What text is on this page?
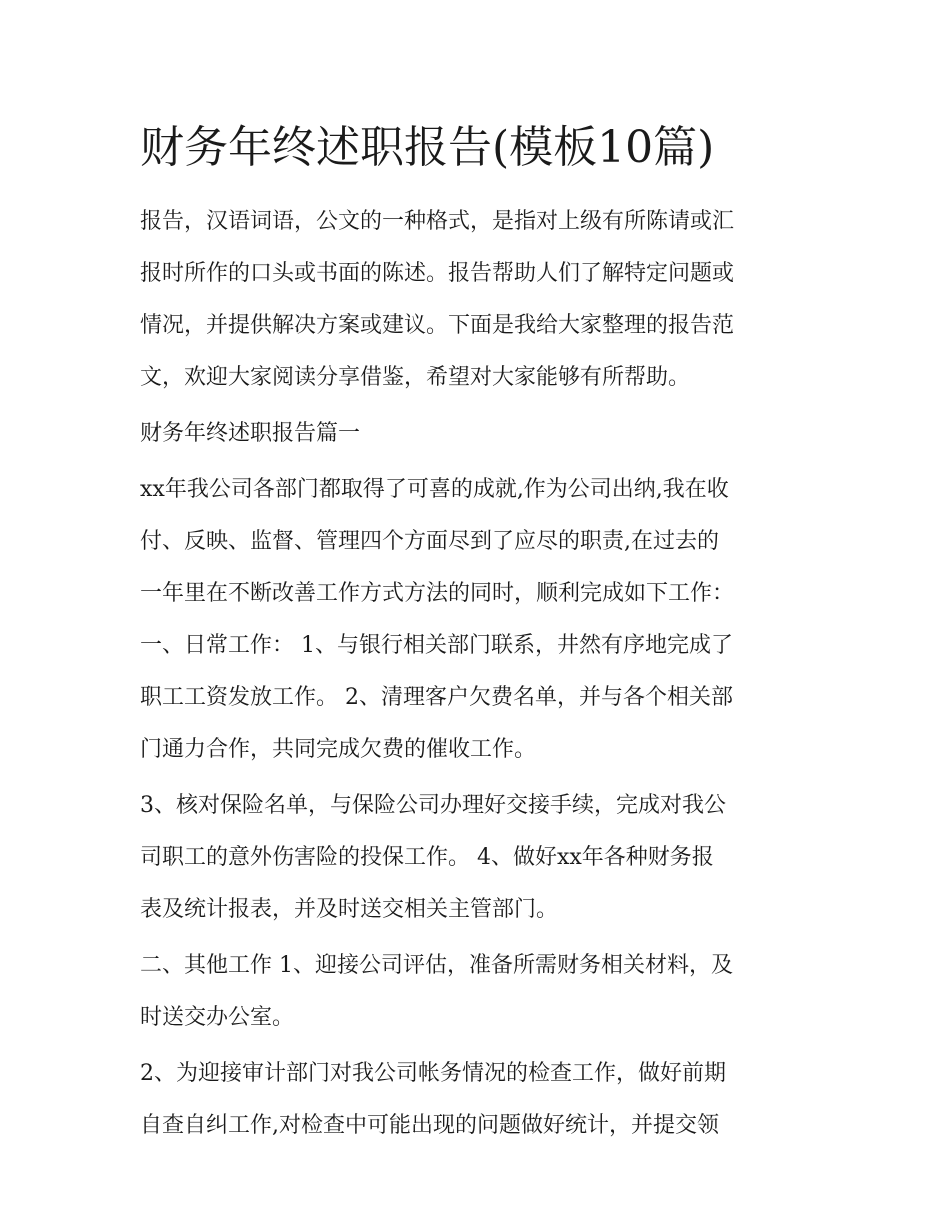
财务年终述职报告(模板10篇)

报告，汉语词语，公文的一种格式，是指对上级有所陈请或汇
报时所作的口头或书面的陈述。报告帮助人们了解特定问题或
情况，并提供解决方案或建议。下面是我给大家整理的报告范
文，欢迎大家阅读分享借鉴，希望对大家能够有所帮助。

财务年终述职报告篇一

xx年我公司各部门都取得了可喜的成就,作为公司出纳,我在收
付、反映、监督、管理四个方面尽到了应尽的职责,在过去的
一年里在不断改善工作方式方法的同时，顺利完成如下工作：
一、日常工作： 1、与银行相关部门联系，井然有序地完成了
职工工资发放工作。 2、清理客户欠费名单，并与各个相关部
门通力合作，共同完成欠费的催收工作。

3、核对保险名单，与保险公司办理好交接手续，完成对我公
司职工的意外伤害险的投保工作。 4、做好xx年各种财务报
表及统计报表，并及时送交相关主管部门。

二、其他工作 1、迎接公司评估，准备所需财务相关材料，及
时送交办公室。

2、为迎接审计部门对我公司帐务情况的检查工作，做好前期
自查自纠工作,对检查中可能出现的问题做好统计，并提交领
